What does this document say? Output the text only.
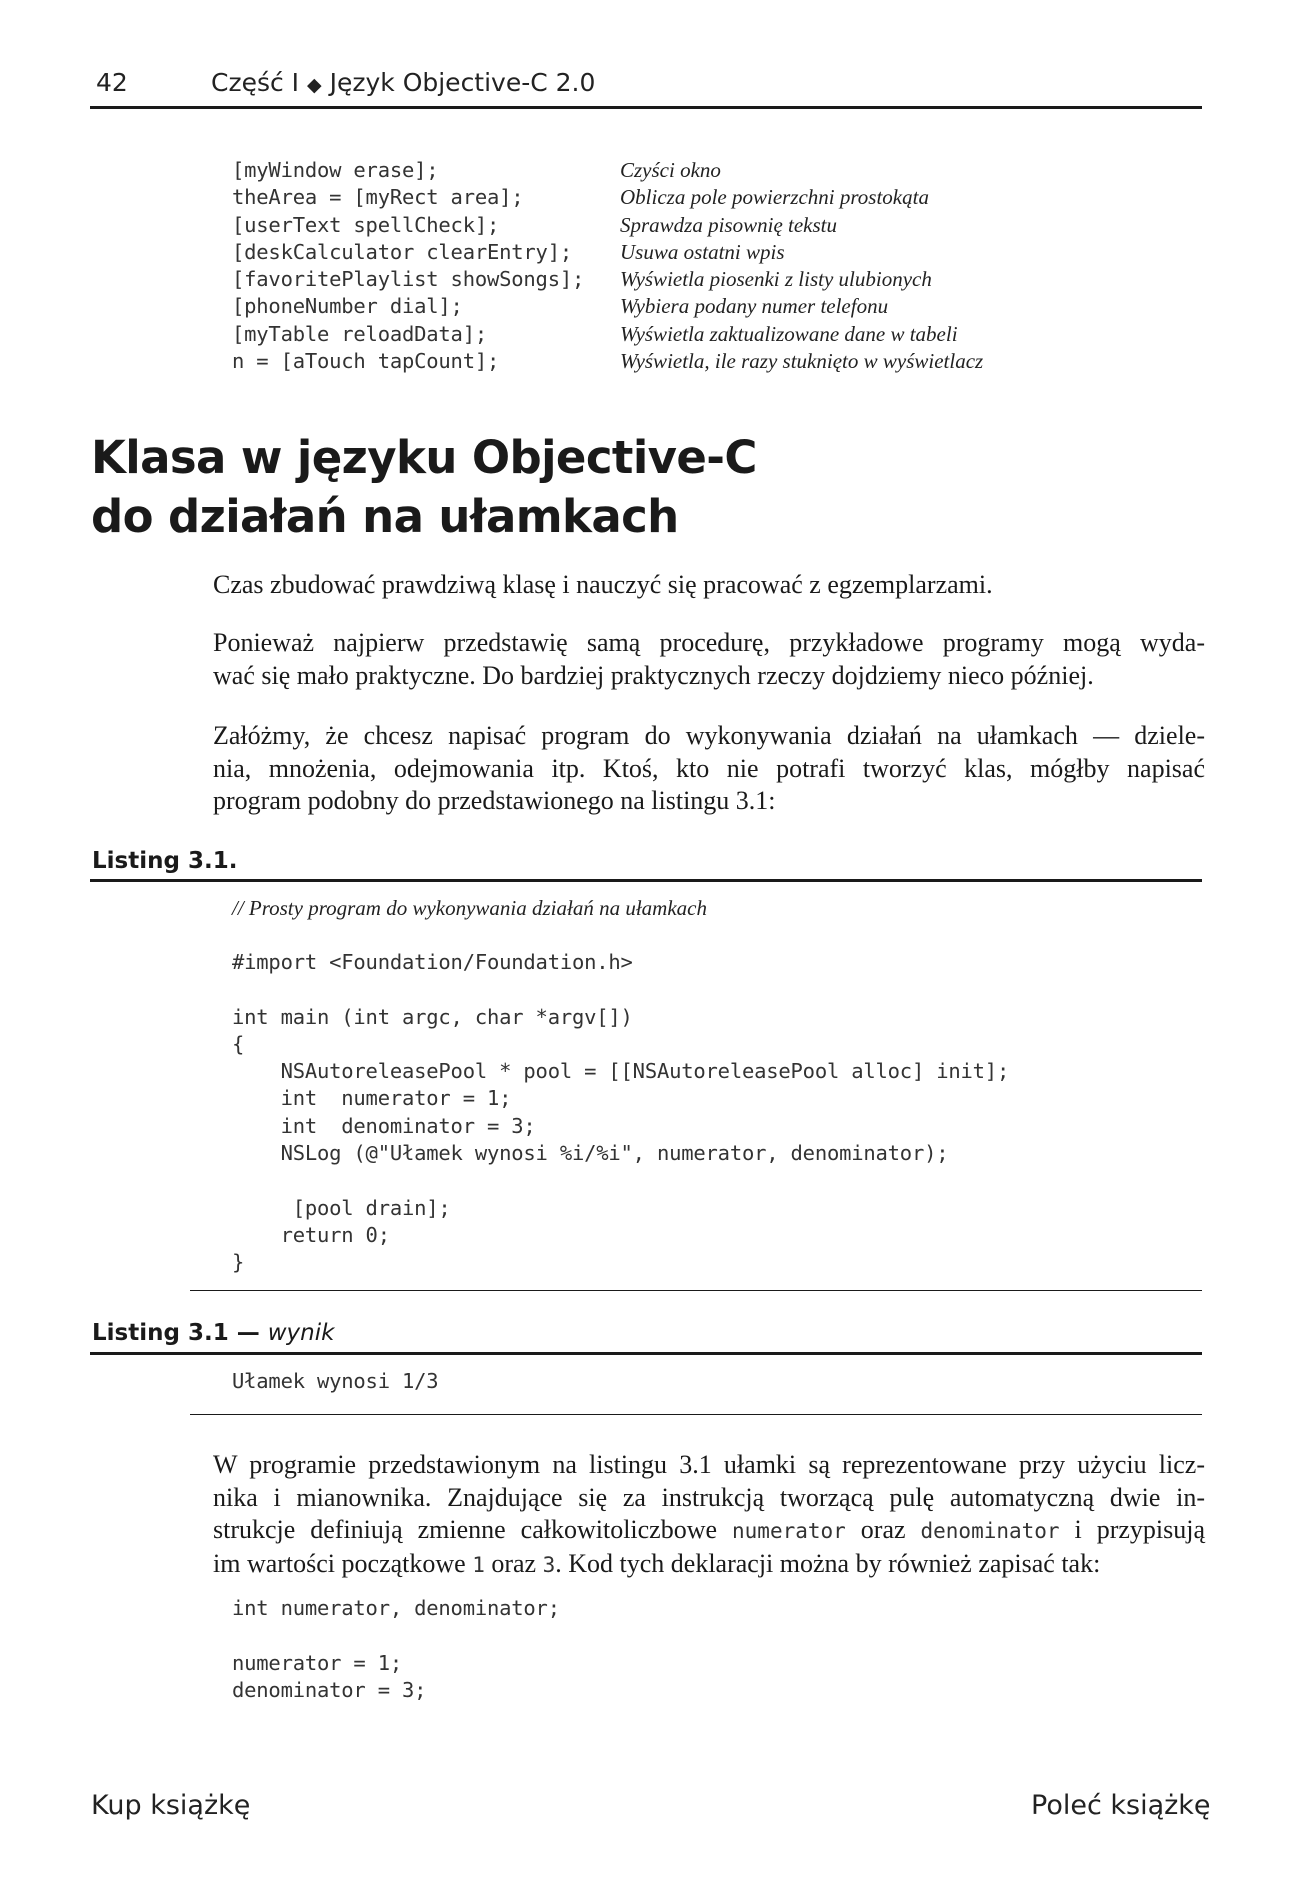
42	Część I ◆ Język Objective-C 2.0
[myWindow erase];	Czyści okno
theArea = [myRect area];	Oblicza pole powierzchni prostokąta
[userText spellCheck];	Sprawdza pisownię tekstu
[deskCalculator clearEntry]; Usuwa ostatni wpis
[favoritePlaylist showSongs]; Wyświetla piosenki z listy ulubionych
[phoneNumber dial];	Wybiera podany numer telefonu
[myTable reloadData];	Wyświetla zaktualizowane dane w tabeli
n = [aTouch tapCount];	Wyświetla, ile razy stuknięto w wyświetlacz
Klasa w języku Objective-C
do działań na ułamkach
Czas zbudować prawdziwą klasę i nauczyć się pracować z egzemplarzami.
Ponieważ najpierw przedstawię samą procedurę, przykładowe programy mogą wyda-
wać się mało praktyczne. Do bardziej praktycznych rzeczy dojdziemy nieco później.
Załóżmy, że chcesz napisać program do wykonywania działań na ułamkach — dziele-
nia, mnożenia, odejmowania itp. Ktoś, kto nie potrafi tworzyć klas, mógłby napisać
program podobny do przedstawionego na listingu 3.1:
Listing 3.1.
// Prosty program do wykonywania działań na ułamkach
#import <Foundation/Foundation.h>
int main (int argc, char *argv[])
{
NSAutoreleasePool * pool = [[NSAutoreleasePool alloc] init];
int  numerator = 1;
int  denominator = 3;
NSLog (@"Ułamek wynosi %i/%i", numerator, denominator);
[pool drain];
return 0;
}
Listing 3.1 — wynik
Ułamek wynosi 1/3
W programie przedstawionym na listingu 3.1 ułamki są reprezentowane przy użyciu licz-
nika i mianownika. Znajdujące się za instrukcją tworzącą pulę automatyczną dwie in-
strukcje definiują zmienne całkowitoliczbowe numerator oraz denominator i przypisują
im wartości początkowe 1 oraz 3. Kod tych deklaracji można by również zapisać tak:
int numerator, denominator;
numerator = 1;
denominator = 3;
Kup książkę	Poleć książkę
